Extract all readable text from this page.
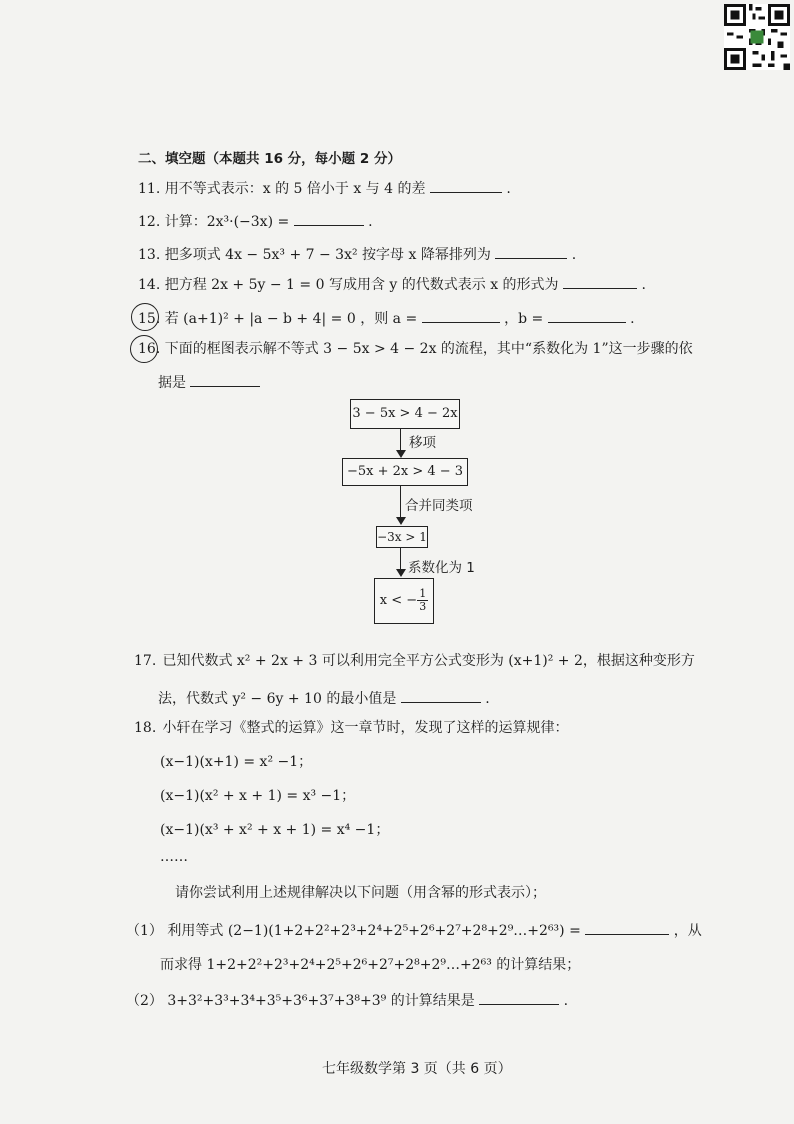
二、填空题（本题共 16 分，每小题 2 分）
11. 用不等式表示：x 的 5 倍小于 x 与 4 的差	.
12. 计算：2x³·(−3x) =	.
13. 把多项式 4x − 5x³ + 7 − 3x² 按字母 x 降幂排列为	.
14. 把方程 2x + 5y − 1 = 0 写成用含 y 的代数式表示 x 的形式为	.
15. 若 (a+1)² + |a − b + 4| = 0 ，则 a =	，b =	.
16. 下面的框图表示解不等式 3 − 5x > 4 − 2x 的流程，其中“系数化为 1”这一步骤的依
据是
3 − 5x > 4 − 2x
移项
−5x + 2x > 4 − 3
合并同类项
−3x > 1
系数化为 1
x < − $\frac{1}{3}$
17. 已知代数式 x² + 2x + 3 可以利用完全平方公式变形为 (x+1)² + 2，根据这种变形方
法，代数式 y² − 6y + 10 的最小值是	.
18. 小轩在学习《整式的运算》这一章节时，发现了这样的运算规律：
(x−1)(x+1) = x² −1；
(x−1)(x² + x + 1) = x³ −1；
(x−1)(x³ + x² + x + 1) = x⁴ −1；
……
请你尝试利用上述规律解决以下问题（用含幂的形式表示）；
（1） 利用等式 (2−1)(1+2+2²+2³+2⁴+2⁵+2⁶+2⁷+2⁸+2⁹…+2⁶³) =	，从
而求得 1+2+2²+2³+2⁴+2⁵+2⁶+2⁷+2⁸+2⁹…+2⁶³ 的计算结果；
（2） 3+3²+3³+3⁴+3⁵+3⁶+3⁷+3⁸+3⁹ 的计算结果是	.
七年级数学第 3 页（共 6 页）
